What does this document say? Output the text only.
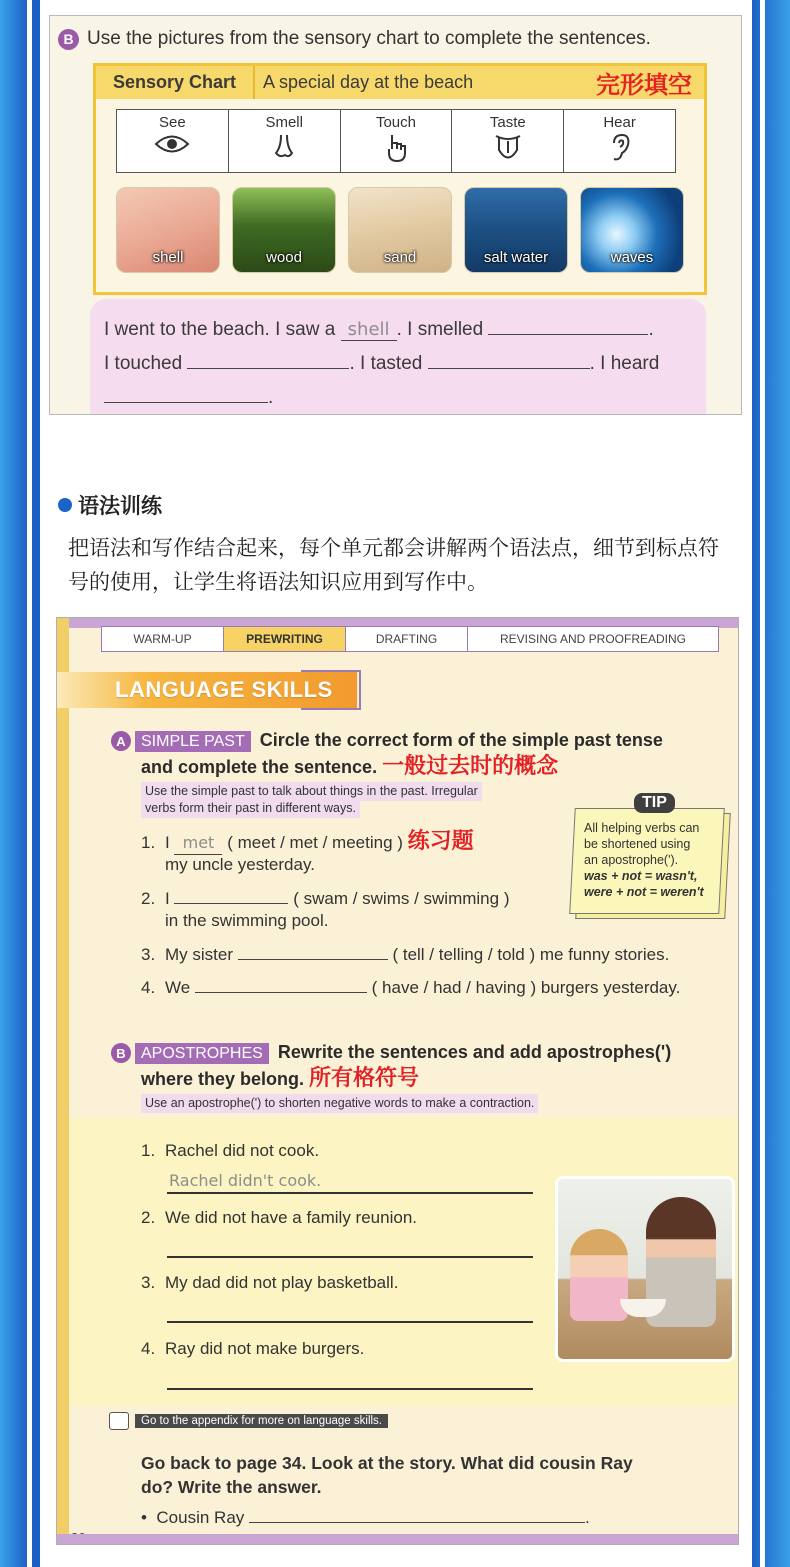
B Use the pictures from the sensory chart to complete the sentences.
Sensory Chart	A special day at the beach	完形填空
See	Smell	Touch	Taste	Hear
shell	wood	sand	salt water	waves
I went to the beach. I saw a shell . I smelled	.
I touched	. I tasted	. I heard
.
语法训练
把语法和写作结合起来，每个单元都会讲解两个语法点，细节到标点符号的使用，让学生将语法知识应用到写作中。
WARM-UP	PREWRITING	DRAFTING	REVISING AND PROOFREADING
LANGUAGE SKILLS
A SIMPLE PAST Circle the correct form of the simple past tense
and complete the sentence. 一般过去时的概念
Use the simple past to talk about things in the past. Irregular
verbs form their past in different ways.
1. I met ( meet / met / meeting ) 练习题
my uncle yesterday.
2. I	( swam / swims / swimming )
in the swimming pool.
3. My sister	( tell / telling / told ) me funny stories.
4. We	( have / had / having ) burgers yesterday.
TIP
All helping verbs can
be shortened using
an apostrophe(').
was + not = wasn't,
were + not = weren't
B APOSTROPHES Rewrite the sentences and add apostrophes(')
where they belong. 所有格符号
Use an apostrophe(') to shorten negative words to make a contraction.
1. Rachel did not cook.
Rachel didn't cook.
2. We did not have a family reunion.
3. My dad did not play basketball.
4. Ray did not make burgers.
Go to the appendix for more on language skills.
Go back to page 34. Look at the story. What did cousin Ray
do? Write the answer.
•  Cousin Ray	.
